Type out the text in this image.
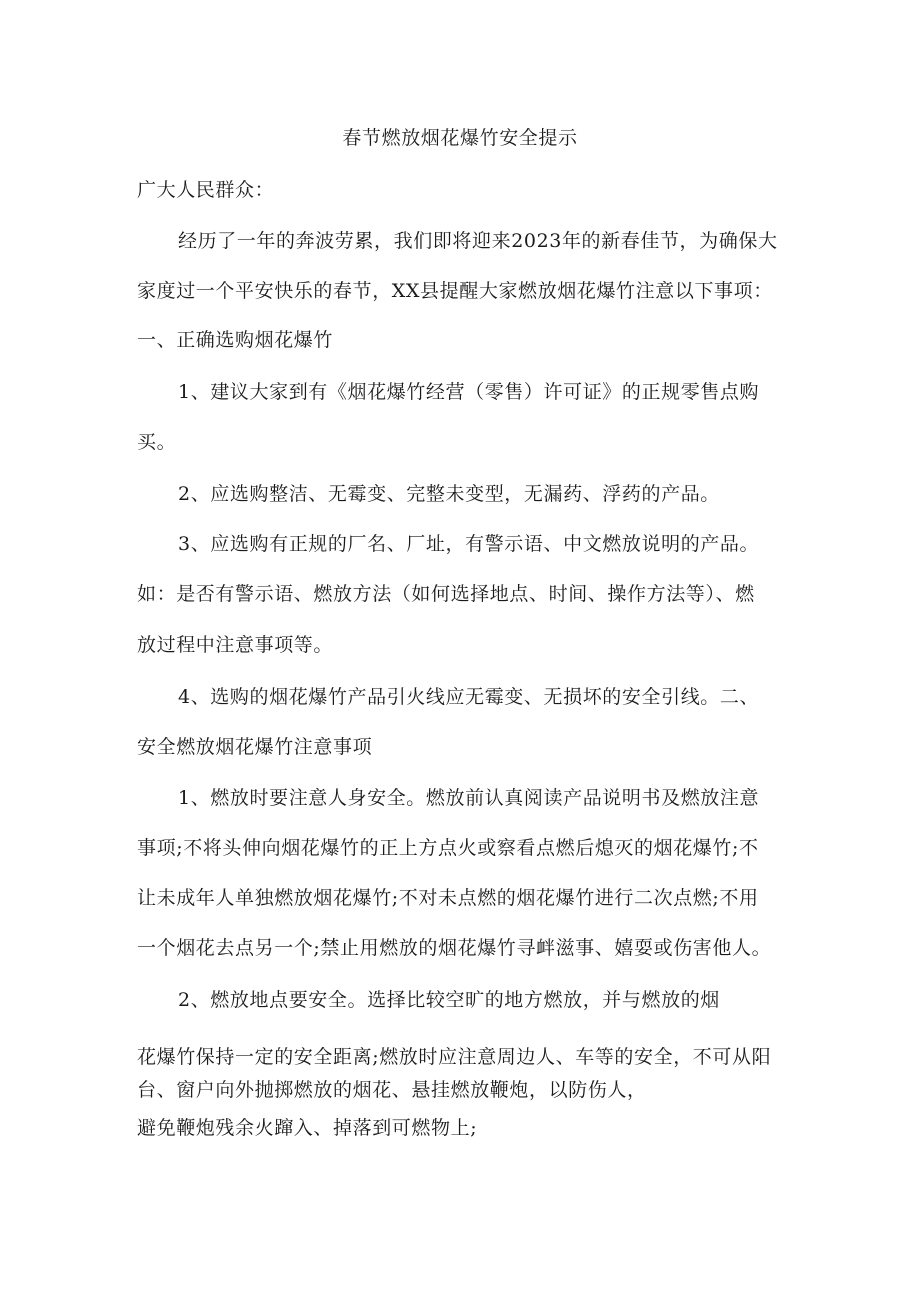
春节燃放烟花爆竹安全提示
广大人民群众：
经历了一年的奔波劳累，我们即将迎来2023年的新春佳节，为确保大
家度过一个平安快乐的春节，XX县提醒大家燃放烟花爆竹注意以下事项：
一、正确选购烟花爆竹
1、建议大家到有《烟花爆竹经营（零售）许可证》的正规零售点购
买。
2、应选购整洁、无霉变、完整未变型，无漏药、浮药的产品。
3、应选购有正规的厂名、厂址，有警示语、中文燃放说明的产品。
如：是否有警示语、燃放方法（如何选择地点、时间、操作方法等）、燃
放过程中注意事项等。
4、选购的烟花爆竹产品引火线应无霉变、无损坏的安全引线。二、
安全燃放烟花爆竹注意事项
1、燃放时要注意人身安全。燃放前认真阅读产品说明书及燃放注意
事项;不将头伸向烟花爆竹的正上方点火或察看点燃后熄灭的烟花爆竹;不
让未成年人单独燃放烟花爆竹;不对未点燃的烟花爆竹进行二次点燃;不用
一个烟花去点另一个;禁止用燃放的烟花爆竹寻衅滋事、嬉耍或伤害他人。
2、燃放地点要安全。选择比较空旷的地方燃放，并与燃放的烟
花爆竹保持一定的安全距离;燃放时应注意周边人、车等的安全，不可从阳
台、窗户向外抛掷燃放的烟花、悬挂燃放鞭炮，以防伤人，
避免鞭炮残余火蹿入、掉落到可燃物上;
